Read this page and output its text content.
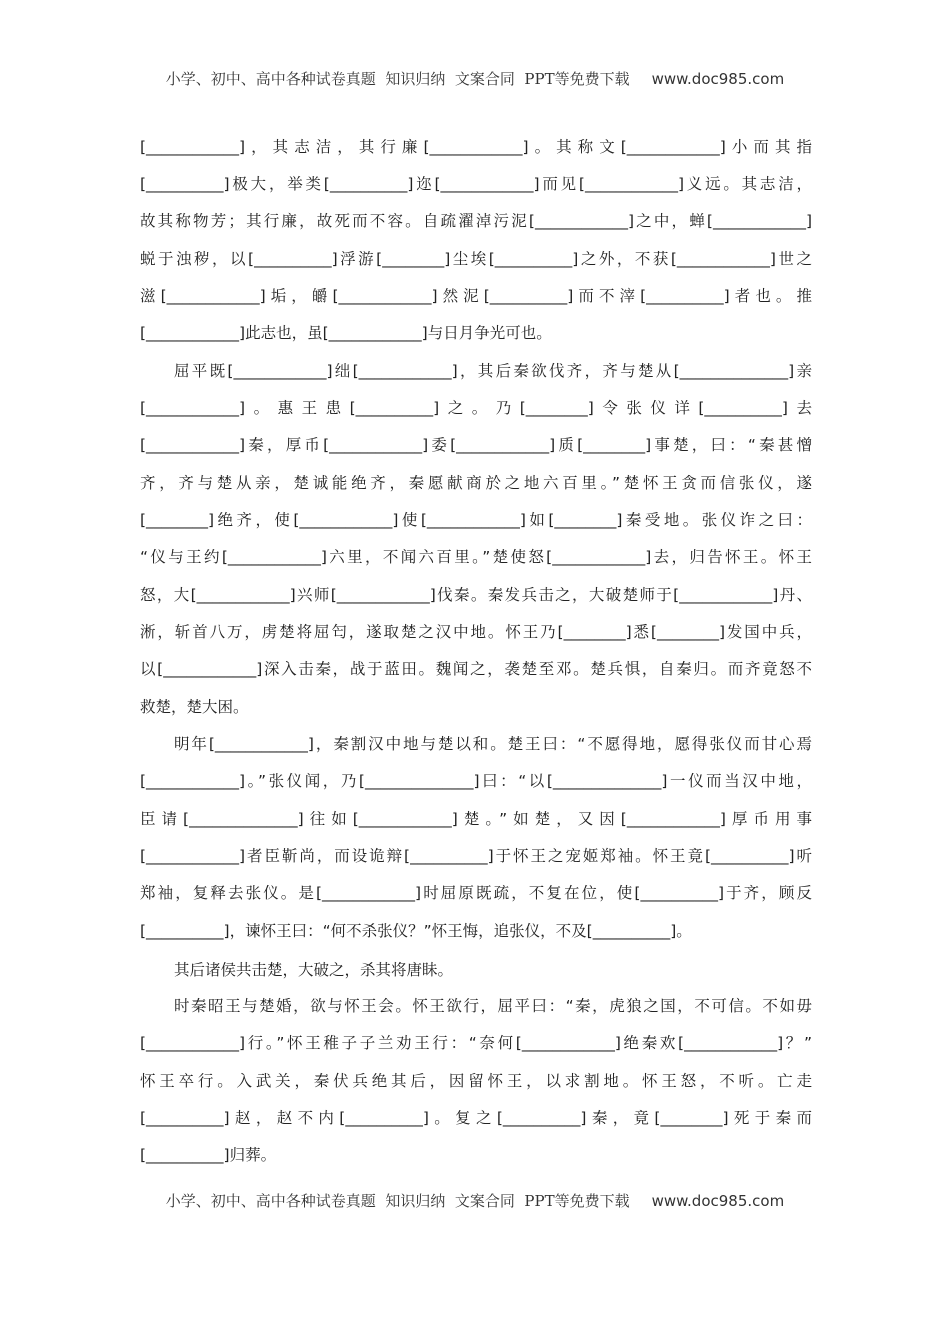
小学、初中、高中各种试卷真题  知识归纳  文案合同  PPT等免费下载 www.doc985.com
[____________]，其志洁，其行廉[____________]。其称文[____________]小而其指
[__________]极大，举类[__________]迩[____________]而见[____________]义远。其志洁，
故其称物芳；其行廉，故死而不容。自疏濯淖污泥[____________]之中，蝉[____________]
蜕于浊秽，以[__________]浮游[________]尘埃[__________]之外，不获[____________]世之
滋[____________]垢，皭[____________]然泥[__________]而不滓[__________]者也。推
[____________]此志也，虽[____________]与日月争光可也。
屈平既[____________]绌[____________]，其后秦欲伐齐，齐与楚从[______________]亲
[____________]。惠王患[__________]之。乃[________]令张仪详[__________]去
[____________]秦，厚币[____________]委[____________]质[________]事楚，曰：“秦甚憎
齐，齐与楚从亲，楚诚能绝齐，秦愿献商於之地六百里。”楚怀王贪而信张仪，遂
[________]绝齐，使[____________]使[____________]如[________]秦受地。张仪诈之曰：
“仪与王约[____________]六里，不闻六百里。”楚使怒[____________]去，归告怀王。怀王
怒，大[____________]兴师[____________]伐秦。秦发兵击之，大破楚师于[____________]丹、
淅，斩首八万，虏楚将屈匄，遂取楚之汉中地。怀王乃[________]悉[________]发国中兵，
以[____________]深入击秦，战于蓝田。魏闻之，袭楚至邓。楚兵惧，自秦归。而齐竟怒不
救楚，楚大困。
明年[____________]，秦割汉中地与楚以和。楚王曰：“不愿得地，愿得张仪而甘心焉
[____________]。”张仪闻，乃[______________]曰：“以[______________]一仪而当汉中地，
臣请[______________]往如[____________]楚。”如楚，又因[____________]厚币用事
[____________]者臣靳尚，而设诡辩[__________]于怀王之宠姬郑袖。怀王竟[__________]听
郑袖，复释去张仪。是[____________]时屈原既疏，不复在位，使[__________]于齐，顾反
[__________]，谏怀王曰：“何不杀张仪？”怀王悔，追张仪，不及[__________]。
其后诸侯共击楚，大破之，杀其将唐眛。
时秦昭王与楚婚，欲与怀王会。怀王欲行，屈平曰：“秦，虎狼之国，不可信。不如毋
[____________]行。”怀王稚子子兰劝王行：“奈何[____________]绝秦欢[____________]？”
怀王卒行。入武关，秦伏兵绝其后，因留怀王，以求割地。怀王怒，不听。亡走
[__________]赵，赵不内[__________]。复之[__________]秦，竟[________]死于秦而
[__________]归葬。
小学、初中、高中各种试卷真题  知识归纳  文案合同  PPT等免费下载 www.doc985.com
